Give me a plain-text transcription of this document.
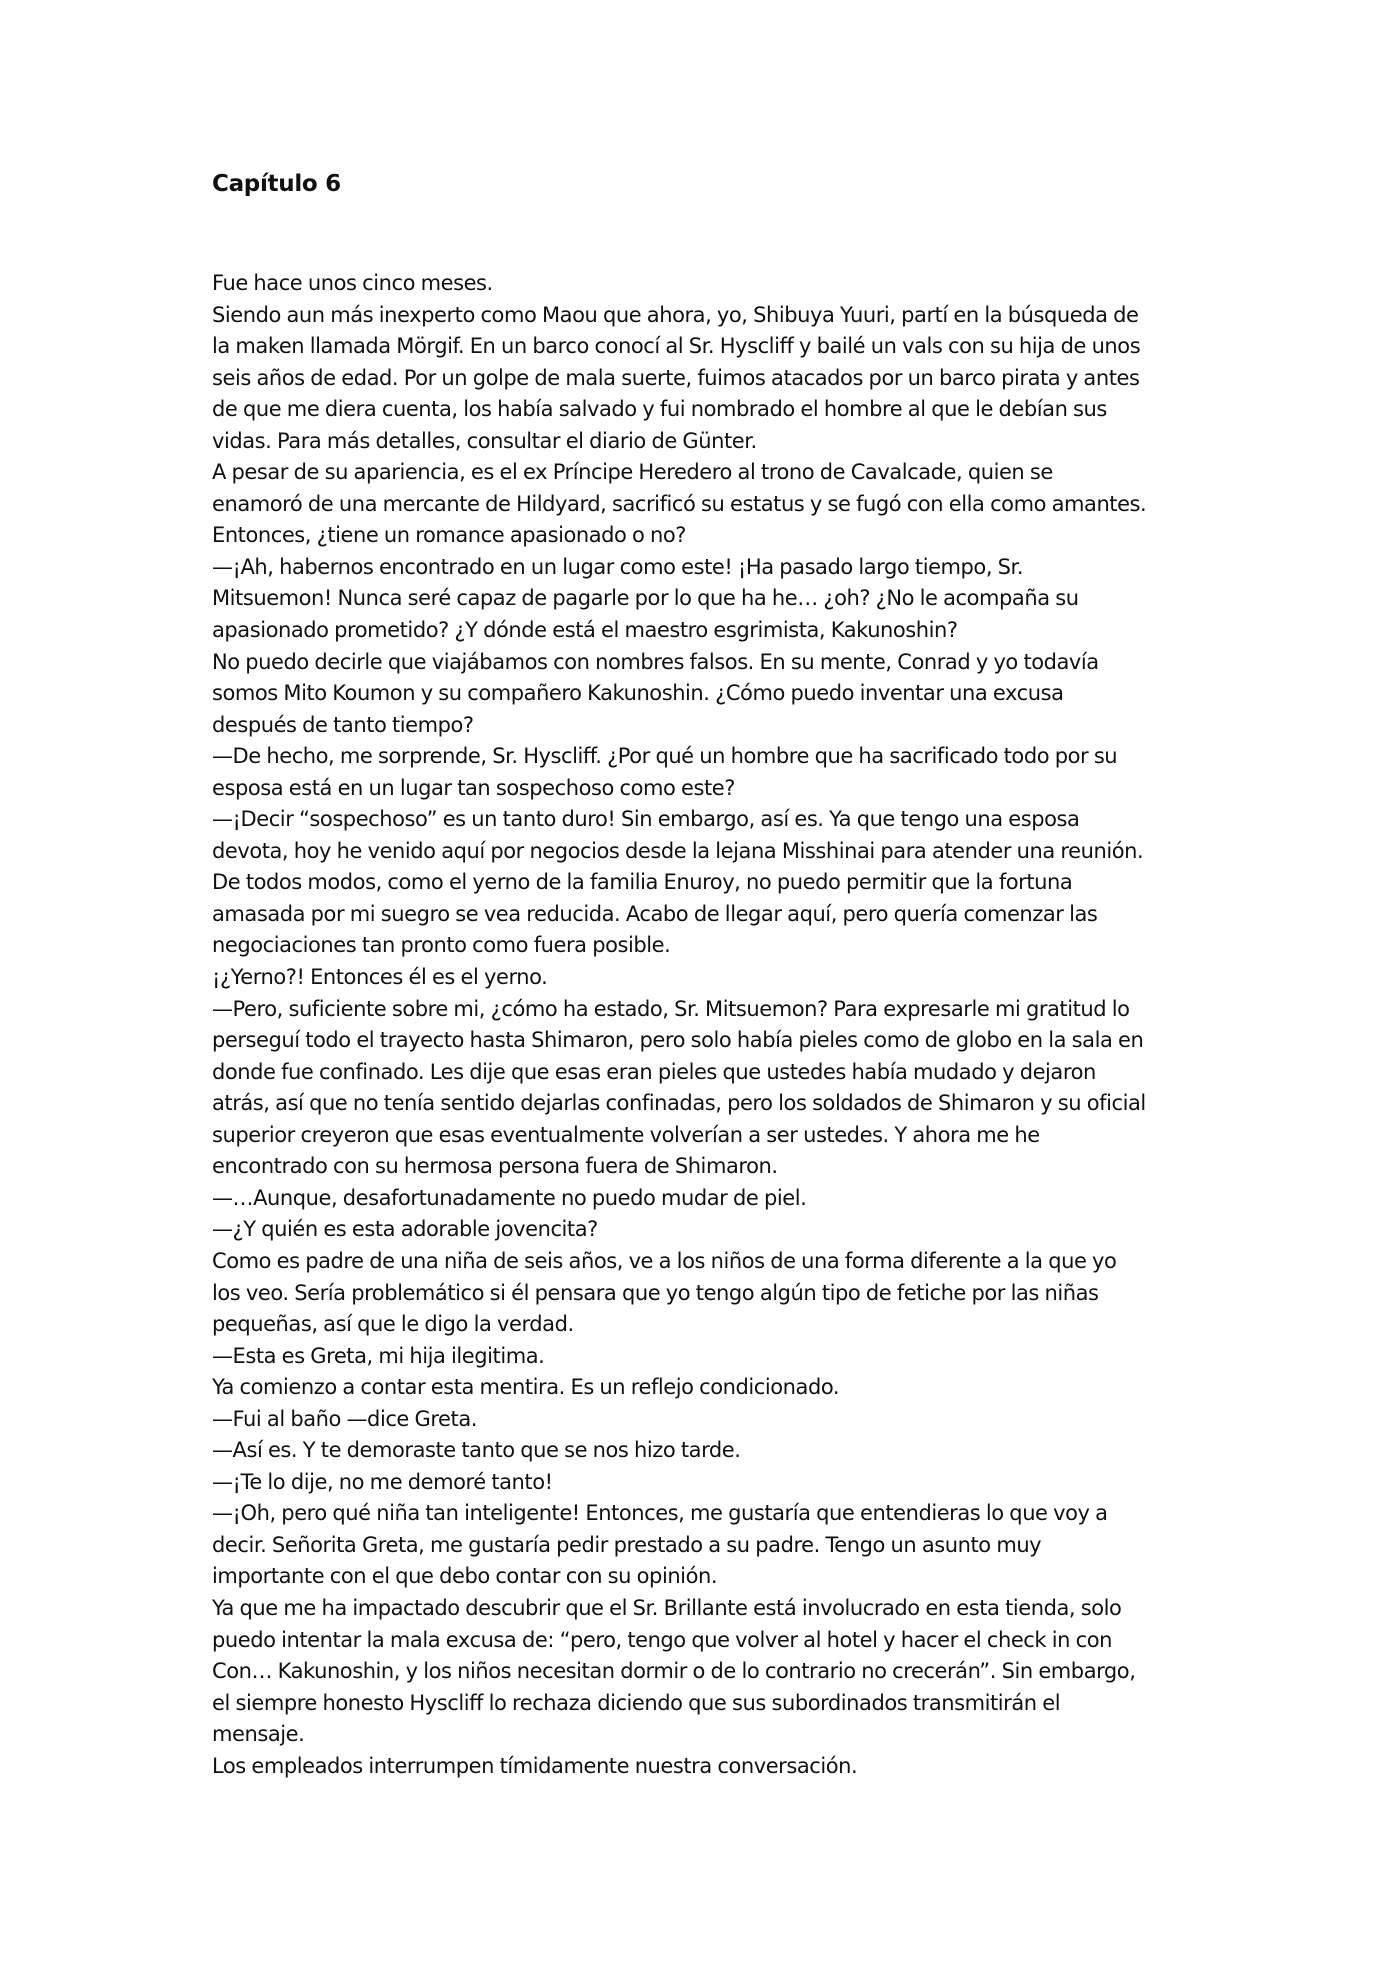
Capítulo 6
Fue hace unos cinco meses.
Siendo aun más inexperto como Maou que ahora, yo, Shibuya Yuuri, partí en la búsqueda de
la maken llamada Mörgif. En un barco conocí al Sr. Hyscliff y bailé un vals con su hija de unos
seis años de edad. Por un golpe de mala suerte, fuimos atacados por un barco pirata y antes
de que me diera cuenta, los había salvado y fui nombrado el hombre al que le debían sus
vidas. Para más detalles, consultar el diario de Günter.
A pesar de su apariencia, es el ex Príncipe Heredero al trono de Cavalcade, quien se
enamoró de una mercante de Hildyard, sacrificó su estatus y se fugó con ella como amantes.
Entonces, ¿tiene un romance apasionado o no?
—¡Ah, habernos encontrado en un lugar como este! ¡Ha pasado largo tiempo, Sr.
Mitsuemon! Nunca seré capaz de pagarle por lo que ha he… ¿oh? ¿No le acompaña su
apasionado prometido? ¿Y dónde está el maestro esgrimista, Kakunoshin?
No puedo decirle que viajábamos con nombres falsos. En su mente, Conrad y yo todavía
somos Mito Koumon y su compañero Kakunoshin. ¿Cómo puedo inventar una excusa
después de tanto tiempo?
—De hecho, me sorprende, Sr. Hyscliff. ¿Por qué un hombre que ha sacrificado todo por su
esposa está en un lugar tan sospechoso como este?
—¡Decir “sospechoso” es un tanto duro! Sin embargo, así es. Ya que tengo una esposa
devota, hoy he venido aquí por negocios desde la lejana Misshinai para atender una reunión.
De todos modos, como el yerno de la familia Enuroy, no puedo permitir que la fortuna
amasada por mi suegro se vea reducida. Acabo de llegar aquí, pero quería comenzar las
negociaciones tan pronto como fuera posible.
¡¿Yerno?! Entonces él es el yerno.
—Pero, suficiente sobre mi, ¿cómo ha estado, Sr. Mitsuemon? Para expresarle mi gratitud lo
perseguí todo el trayecto hasta Shimaron, pero solo había pieles como de globo en la sala en
donde fue confinado. Les dije que esas eran pieles que ustedes había mudado y dejaron
atrás, así que no tenía sentido dejarlas confinadas, pero los soldados de Shimaron y su oficial
superior creyeron que esas eventualmente volverían a ser ustedes. Y ahora me he
encontrado con su hermosa persona fuera de Shimaron.
—…Aunque, desafortunadamente no puedo mudar de piel.
—¿Y quién es esta adorable jovencita?
Como es padre de una niña de seis años, ve a los niños de una forma diferente a la que yo
los veo. Sería problemático si él pensara que yo tengo algún tipo de fetiche por las niñas
pequeñas, así que le digo la verdad.
—Esta es Greta, mi hija ilegitima.
Ya comienzo a contar esta mentira. Es un reflejo condicionado.
—Fui al baño —dice Greta.
—Así es. Y te demoraste tanto que se nos hizo tarde.
—¡Te lo dije, no me demoré tanto!
—¡Oh, pero qué niña tan inteligente! Entonces, me gustaría que entendieras lo que voy a
decir. Señorita Greta, me gustaría pedir prestado a su padre. Tengo un asunto muy
importante con el que debo contar con su opinión.
Ya que me ha impactado descubrir que el Sr. Brillante está involucrado en esta tienda, solo
puedo intentar la mala excusa de: “pero, tengo que volver al hotel y hacer el check in con
Con… Kakunoshin, y los niños necesitan dormir o de lo contrario no crecerán”. Sin embargo,
el siempre honesto Hyscliff lo rechaza diciendo que sus subordinados transmitirán el
mensaje.
Los empleados interrumpen tímidamente nuestra conversación.
